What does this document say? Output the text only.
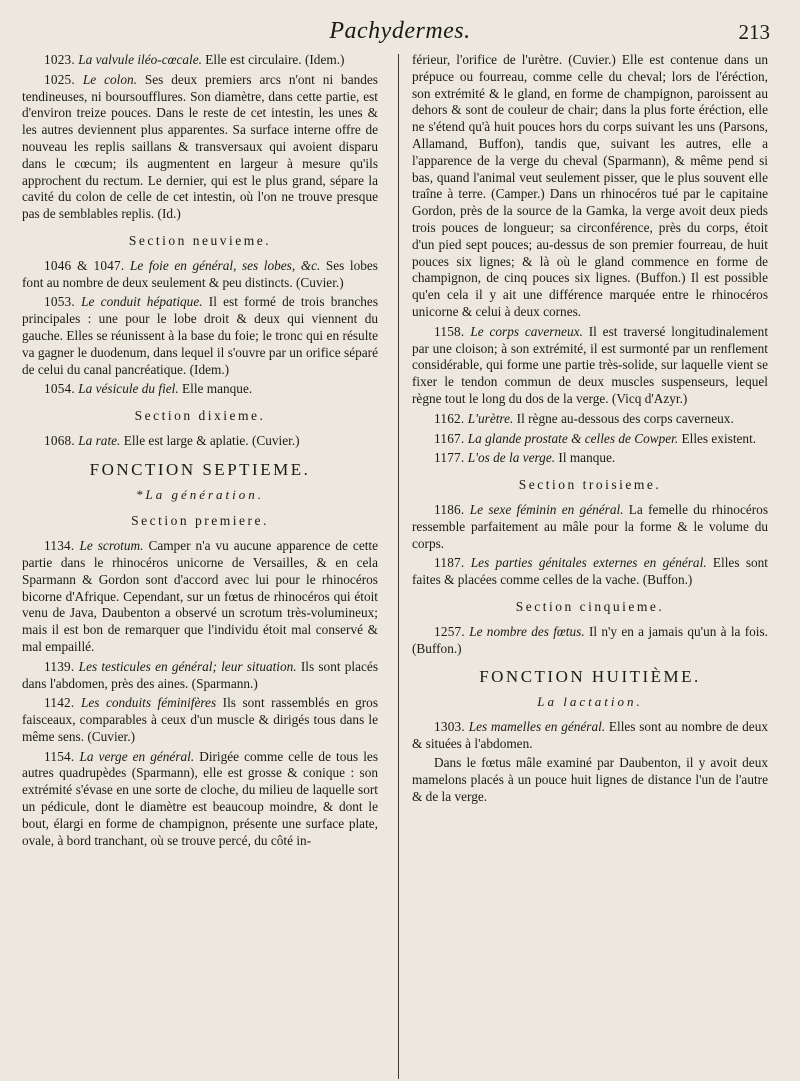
Pachydermes.	213

1023. La valvule iléo-cœcale. Elle est circulaire. (Idem.)

1025. Le colon. Ses deux premiers arcs n'ont ni bandes tendineuses, ni boursoufflures. Son diamètre, dans cette partie, est d'environ treize pouces. Dans le reste de cet intestin, les unes & les autres deviennent plus apparentes. Sa surface interne offre de nouveau les replis saillans & transversaux qui avoient disparu dans le cœcum; ils augmentent en largeur à mesure qu'ils approchent du rectum. Le dernier, qui est le plus grand, sépare la cavité du colon de celle de cet intestin, où l'on ne trouve presque pas de semblables replis. (Id.)

Section neuvieme.

1046 & 1047. Le foie en général, ses lobes, &c. Ses lobes font au nombre de deux seulement & peu distincts. (Cuvier.)

1053. Le conduit hépatique. Il est formé de trois branches principales : une pour le lobe droit & deux qui viennent du gauche. Elles se réunissent à la base du foie; le tronc qui en résulte va gagner le duodenum, dans lequel il s'ouvre par un orifice séparé de celui du canal pancréatique. (Idem.)

1054. La vésicule du fiel. Elle manque.

Section dixieme.

1068. La rate. Elle est large & aplatie. (Cuvier.)

FONCTION SEPTIEME.
*La génération.
Section premiere.

1134. Le scrotum. Camper n'a vu aucune apparence de cette partie dans le rhinocéros unicorne de Versailles, & en cela Sparmann & Gordon sont d'accord avec lui pour le rhinocéros bicorne d'Afrique. Cependant, sur un fœtus de rhinocéros qui étoit venu de Java, Daubenton a observé un scrotum très-volumineux; mais il est bon de remarquer que l'individu étoit mal conservé & mal empaillé.

1139. Les testicules en général; leur situation. Ils sont placés dans l'abdomen, près des aines. (Sparmann.)

1142. Les conduits féminifères Ils sont rassemblés en gros faisceaux, comparables à ceux d'un muscle & dirigés tous dans le même sens. (Cuvier.)

1154. La verge en général. Dirigée comme celle de tous les autres quadrupèdes (Sparmann), elle est grosse & conique : son extrémité s'évase en une sorte de cloche, du milieu de laquelle sort un pédicule, dont le diamètre est beaucoup moindre, & dont le bout, élargi en forme de champignon, présente une surface plate, ovale, à bord tranchant, où se trouve percé, du côté in-

férieur, l'orifice de l'urètre. (Cuvier.) Elle est contenue dans un prépuce ou fourreau, comme celle du cheval; lors de l'éréction, son extrémité & le gland, en forme de champignon, paroissent au dehors & sont de couleur de chair; dans la plus forte éréction, elle ne s'étend qu'à huit pouces hors du corps suivant les uns (Parsons, Allamand, Buffon), tandis que, suivant les autres, elle a l'apparence de la verge du cheval (Sparmann), & même pend si bas, quand l'animal veut seulement pisser, que le plus souvent elle traîne à terre. (Camper.) Dans un rhinocéros tué par le capitaine Gordon, près de la source de la Gamka, la verge avoit deux pieds trois pouces de longueur; sa circonférence, près du corps, étoit d'un pied sept pouces; au-dessus de son premier fourreau, de huit pouces six lignes; & là où le gland commence en forme de champignon, de cinq pouces six lignes. (Buffon.) Il est possible qu'en cela il y ait une différence marquée entre le rhinocéros unicorne & celui à deux cornes.

1158. Le corps caverneux. Il est traversé longitudinalement par une cloison; à son extrémité, il est surmonté par un renflement considérable, qui forme une partie très-solide, sur laquelle vient se fixer le tendon commun de deux muscles suspenseurs, lequel règne tout le long du dos de la verge. (Vicq d'Azyr.)

1162. L'urètre. Il règne au-dessous des corps caverneux.

1167. La glande prostate & celles de Cowper. Elles existent.

1177. L'os de la verge. Il manque.

Section troisieme.

1186. Le sexe féminin en général. La femelle du rhinocéros ressemble parfaitement au mâle pour la forme & le volume du corps.

1187. Les parties génitales externes en général. Elles sont faites & placées comme celles de la vache. (Buffon.)

Section cinquieme.

1257. Le nombre des fœtus. Il n'y en a jamais qu'un à la fois. (Buffon.)

FONCTION HUITIÈME.
La lactation.

1303. Les mamelles en général. Elles sont au nombre de deux & situées à l'abdomen.

Dans le fœtus mâle examiné par Daubenton, il y avoit deux mamelons placés à un pouce huit lignes de distance l'un de l'autre & de la verge.
